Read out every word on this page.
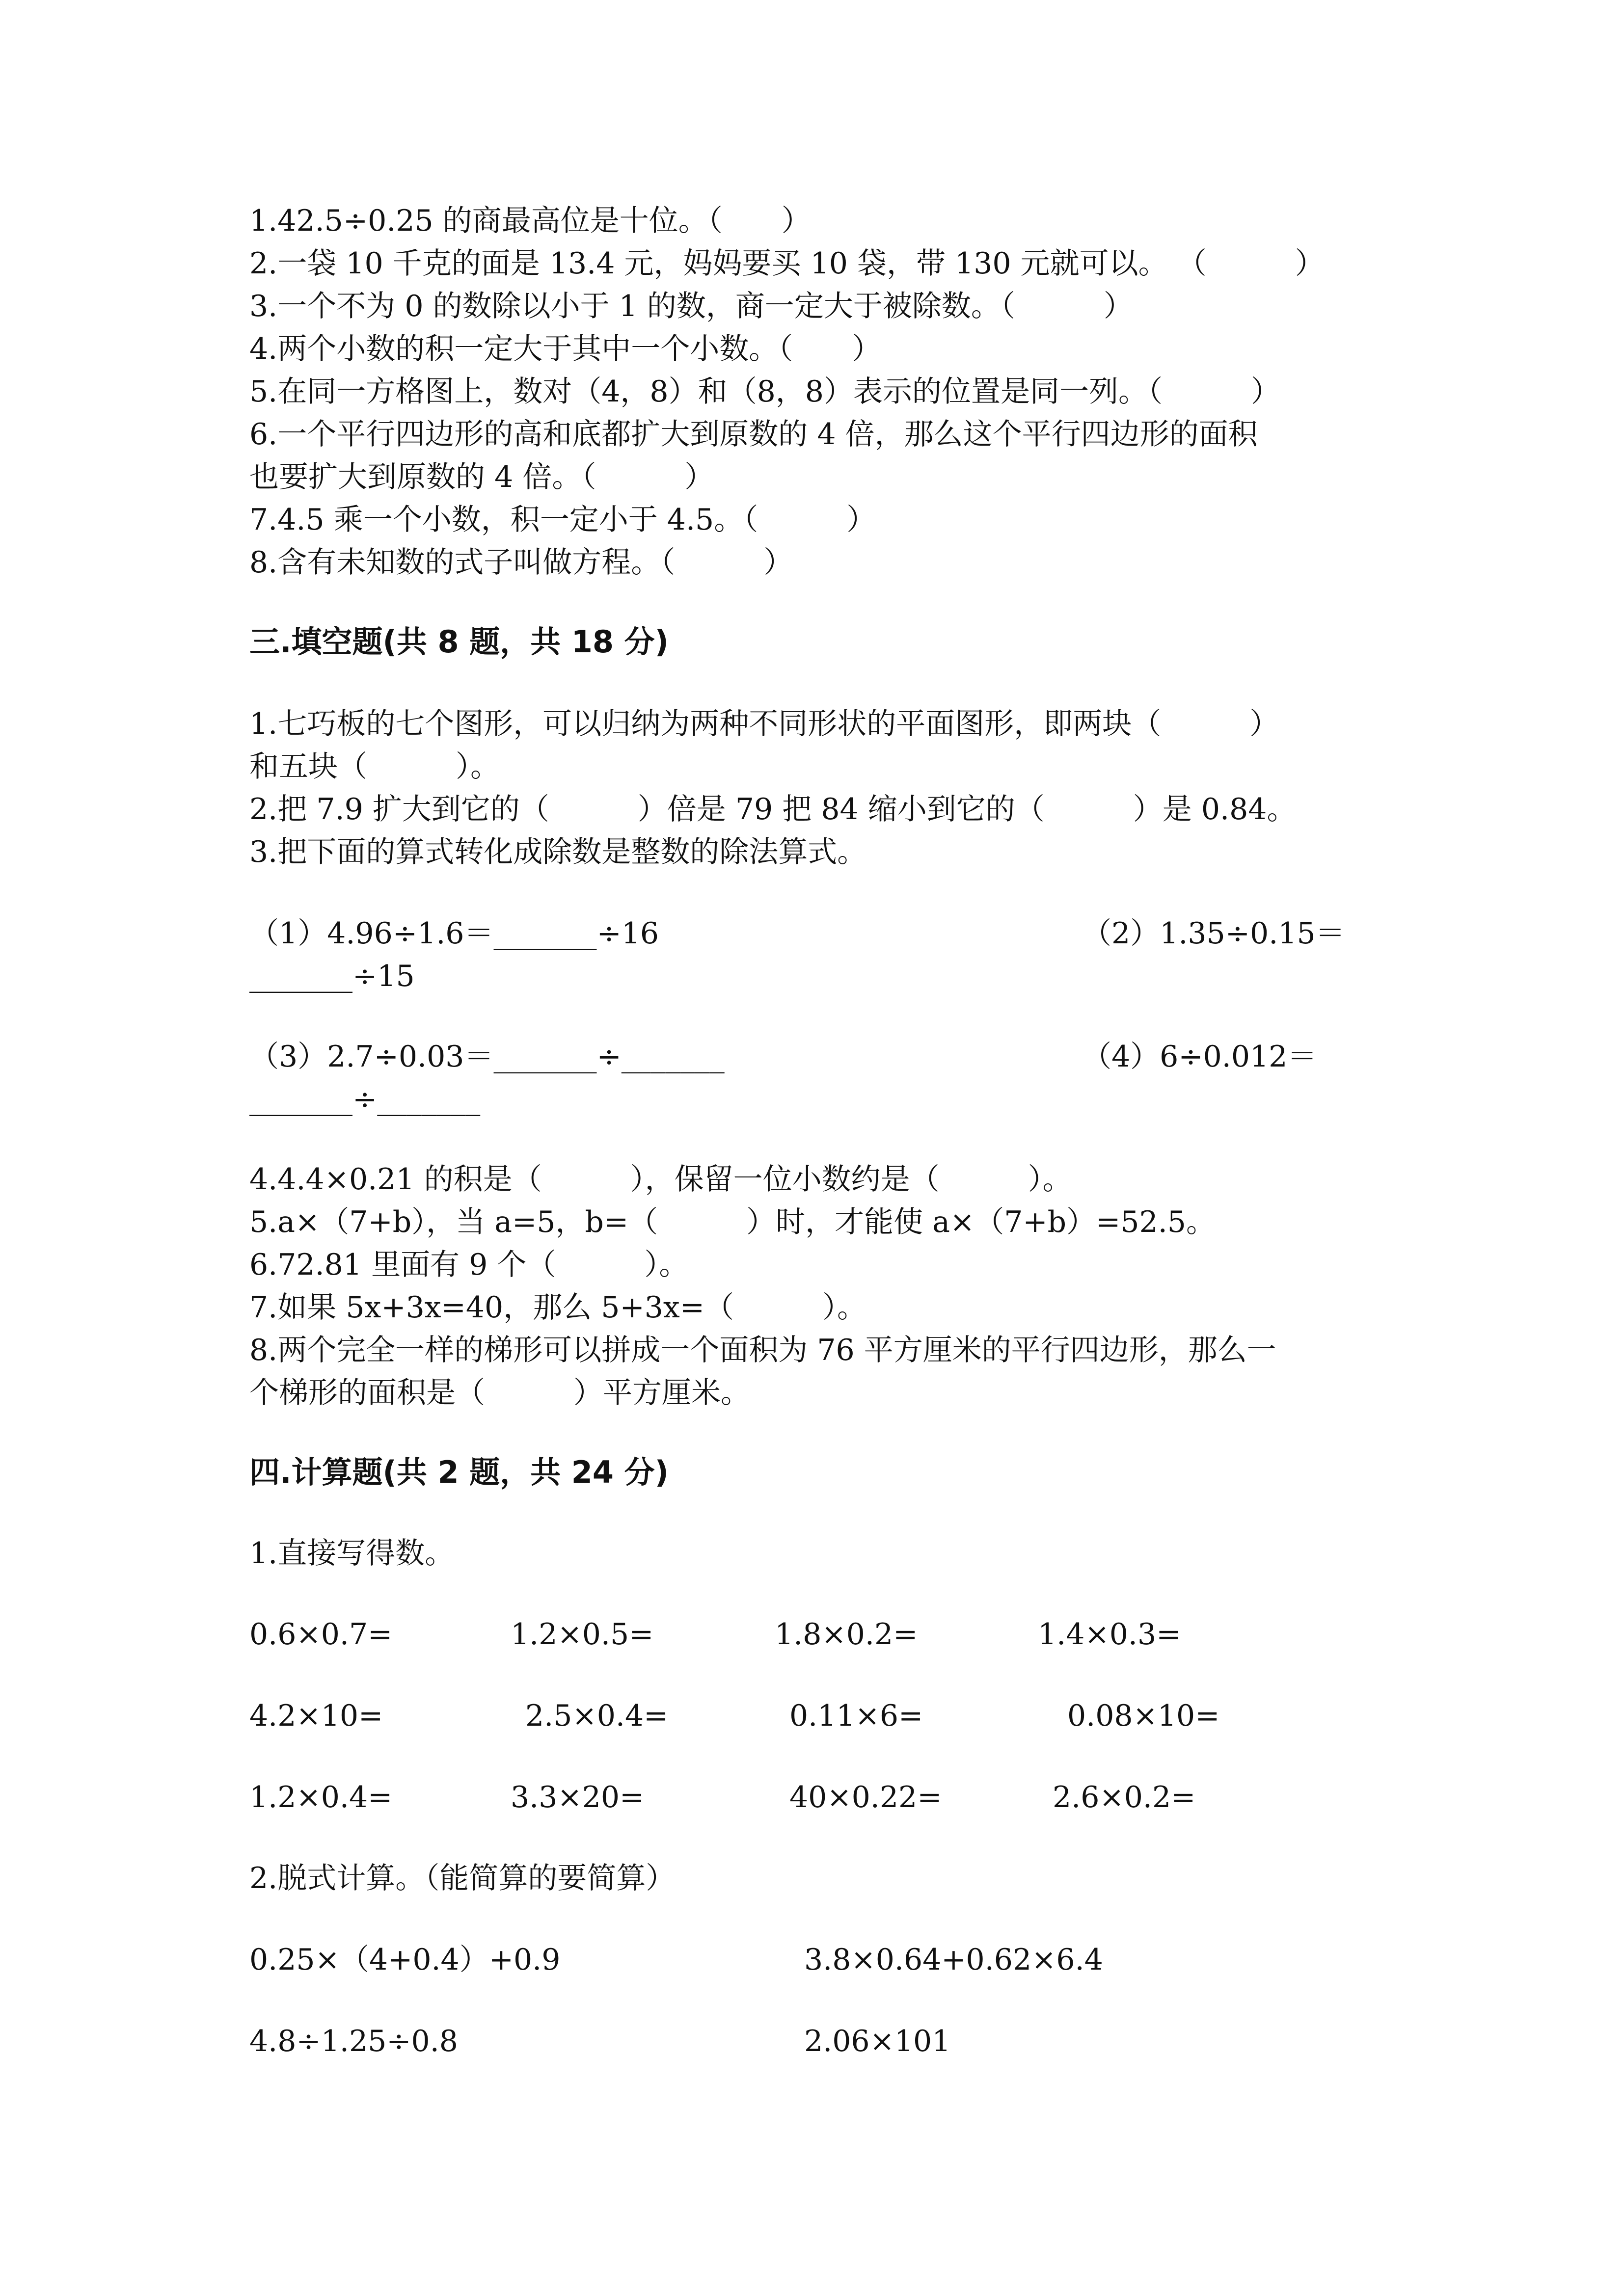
1.42.5÷0.25 的商最高位是十位。（　　）
2.一袋 10 千克的面是 13.4 元，妈妈要买 10 袋，带 130 元就可以。 （　　　）
3.一个不为 0 的数除以小于 1 的数，商一定大于被除数。（　　　）
4.两个小数的积一定大于其中一个小数。（　　）
5.在同一方格图上，数对（4，8）和（8，8）表示的位置是同一列。（　　　）
6.一个平行四边形的高和底都扩大到原数的 4 倍，那么这个平行四边形的面积
也要扩大到原数的 4 倍。（　　　）
7.4.5 乘一个小数，积一定小于 4.5。（　　　）
8.含有未知数的式子叫做方程。（　　　）
三.填空题(共 8 题，共 18 分)
1.七巧板的七个图形，可以归纳为两种不同形状的平面图形，即两块（　　　）
和五块（　　　）。
2.把 7.9 扩大到它的（　　　）倍是 79 把 84 缩小到它的（　　　）是 0.84。
3.把下面的算式转化成除数是整数的除法算式。
（1）4.96÷1.6＝_______÷16	（2）1.35÷0.15＝
_______÷15
（3）2.7÷0.03＝_______÷_______	（4）6÷0.012＝
_______÷_______
4.4.4×0.21 的积是（　　　），保留一位小数约是（　　　）。
5.a×（7+b），当 a=5，b=（　　　）时，才能使 a×（7+b）=52.5。
6.72.81 里面有 9 个（　　　）。
7.如果 5x+3x=40，那么 5+3x=（　　　）。
8.两个完全一样的梯形可以拼成一个面积为 76 平方厘米的平行四边形，那么一
个梯形的面积是（　　　）平方厘米。
四.计算题(共 2 题，共 24 分)
1.直接写得数。
0.6×0.7=	1.2×0.5=	1.8×0.2=	1.4×0.3=
4.2×10=	2.5×0.4=	0.11×6=	0.08×10=
1.2×0.4=	3.3×20=	40×0.22=	2.6×0.2=
2.脱式计算。（能简算的要简算）
0.25×（4+0.4）+0.9	3.8×0.64+0.62×6.4
4.8÷1.25÷0.8	2.06×101
